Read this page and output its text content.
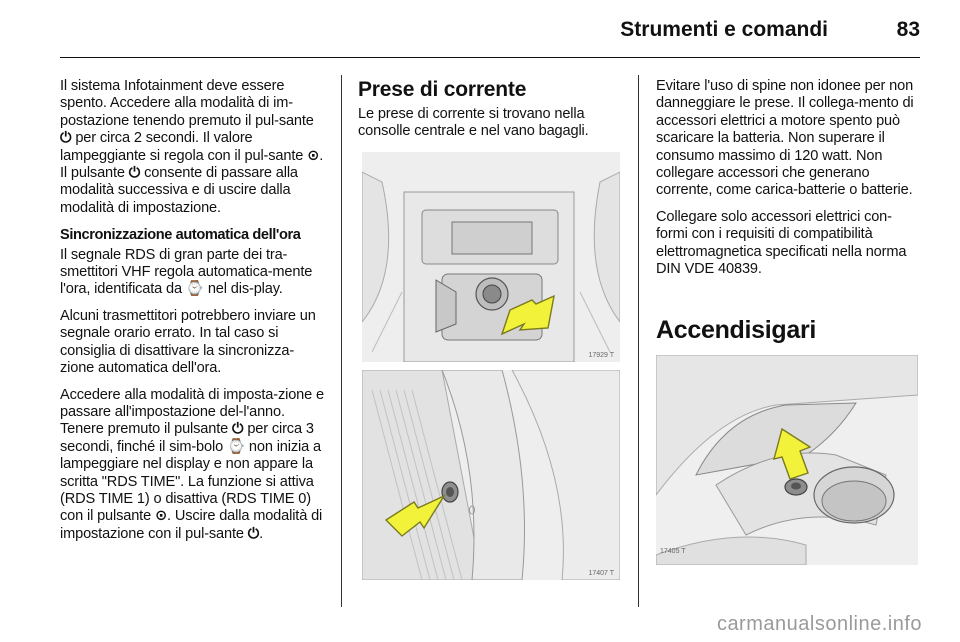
Strumenti e comandi	83

Il sistema Infotainment deve essere spento. Accedere alla modalità di im-postazione tenendo premuto il pul-sante ⏻ per circa 2 secondi. Il valore lampeggiante si regola con il pul-sante ⊙. Il pulsante ⏻ consente di passare alla modalità successiva e di uscire dalla modalità di impostazione.

Sincronizzazione automatica dell'ora

Il segnale RDS di gran parte dei tra-smettitori VHF regola automatica-mente l'ora, identificata da ⌚ nel dis-play.

Alcuni trasmettitori potrebbero inviare un segnale orario errato. In tal caso si consiglia di disattivare la sincronizza-zione automatica dell'ora.

Accedere alla modalità di imposta-zione e passare all'impostazione del-l'anno. Tenere premuto il pulsante ⏻ per circa 3 secondi, finché il sim-bolo ⌚ non inizia a lampeggiare nel display e non appare la scritta "RDS TIME". La funzione si attiva (RDS TIME 1) o disattiva (RDS TIME 0) con il pulsante ⊙. Uscire dalla modalità di impostazione con il pul-sante ⏻.

Prese di corrente

Le prese di corrente si trovano nella consolle centrale e nel vano bagagli.

17929 T
17407 T

Evitare l'uso di spine non idonee per non danneggiare le prese. Il collega-mento di accessori elettrici a motore spento può scaricare la batteria. Non superare il consumo massimo di 120 watt. Non collegare accessori che generano corrente, come carica-batterie o batterie.

Collegare solo accessori elettrici con-formi con i requisiti di compatibilità elettromagnetica specificati nella norma DIN VDE 40839.

Accendisigari
17405 T
carmanualsonline.info
